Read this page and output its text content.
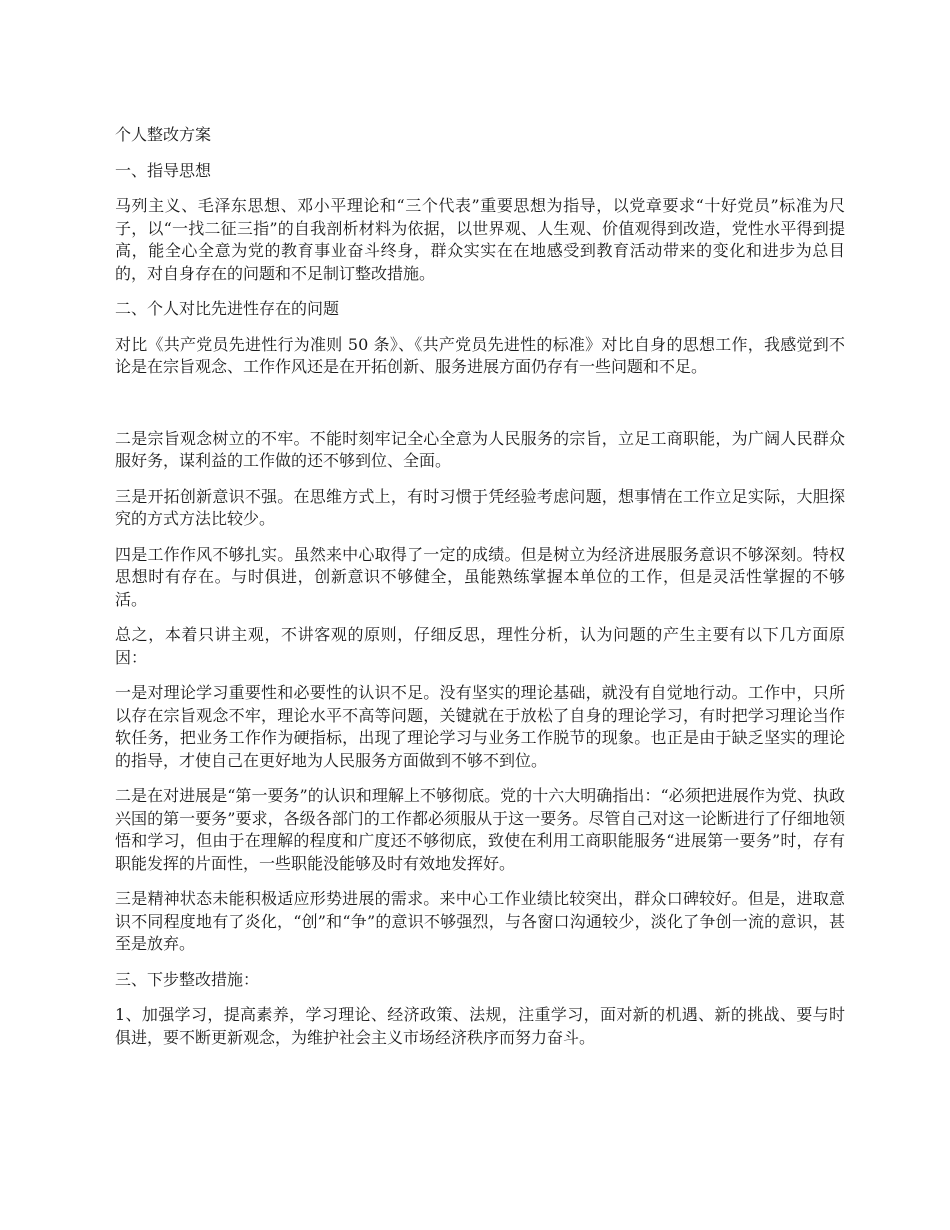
个人整改方案

一、指导思想

马列主义、毛泽东思想、邓小平理论和“三个代表”重要思想为指导，以党章要求“十好党员”标准为尺子，以“一找二征三指”的自我剖析材料为依据，以世界观、人生观、价值观得到改造，党性水平得到提高，能全心全意为党的教育事业奋斗终身，群众实实在在地感受到教育活动带来的变化和进步为总目的，对自身存在的问题和不足制订整改措施。

二、个人对比先进性存在的问题

对比《共产党员先进性行为准则 50 条》、《共产党员先进性的标准》对比自身的思想工作，我感觉到不论是在宗旨观念、工作作风还是在开拓创新、服务进展方面仍存有一些问题和不足。

二是宗旨观念树立的不牢。不能时刻牢记全心全意为人民服务的宗旨，立足工商职能，为广阔人民群众服好务，谋利益的工作做的还不够到位、全面。

三是开拓创新意识不强。在思维方式上，有时习惯于凭经验考虑问题，想事情在工作立足实际，大胆探究的方式方法比较少。

四是工作作风不够扎实。虽然来中心取得了一定的成绩。但是树立为经济进展服务意识不够深刻。特权思想时有存在。与时俱进，创新意识不够健全，虽能熟练掌握本单位的工作，但是灵活性掌握的不够活。

总之，本着只讲主观，不讲客观的原则，仔细反思，理性分析，认为问题的产生主要有以下几方面原因：

一是对理论学习重要性和必要性的认识不足。没有坚实的理论基础，就没有自觉地行动。工作中，只所以存在宗旨观念不牢，理论水平不高等问题，关键就在于放松了自身的理论学习，有时把学习理论当作软任务，把业务工作作为硬指标，出现了理论学习与业务工作脱节的现象。也正是由于缺乏坚实的理论的指导，才使自己在更好地为人民服务方面做到不够不到位。

二是在对进展是“第一要务”的认识和理解上不够彻底。党的十六大明确指出：“必须把进展作为党、执政兴国的第一要务”要求，各级各部门的工作都必须服从于这一要务。尽管自己对这一论断进行了仔细地领悟和学习，但由于在理解的程度和广度还不够彻底，致使在利用工商职能服务“进展第一要务”时，存有职能发挥的片面性，一些职能没能够及时有效地发挥好。

三是精神状态未能积极适应形势进展的需求。来中心工作业绩比较突出，群众口碑较好。但是，进取意识不同程度地有了炎化，“创”和“争”的意识不够强烈，与各窗口沟通较少，淡化了争创一流的意识，甚至是放弃。

三、下步整改措施：

1、加强学习，提高素养，学习理论、经济政策、法规，注重学习，面对新的机遇、新的挑战、要与时俱进，要不断更新观念，为维护社会主义市场经济秩序而努力奋斗。
